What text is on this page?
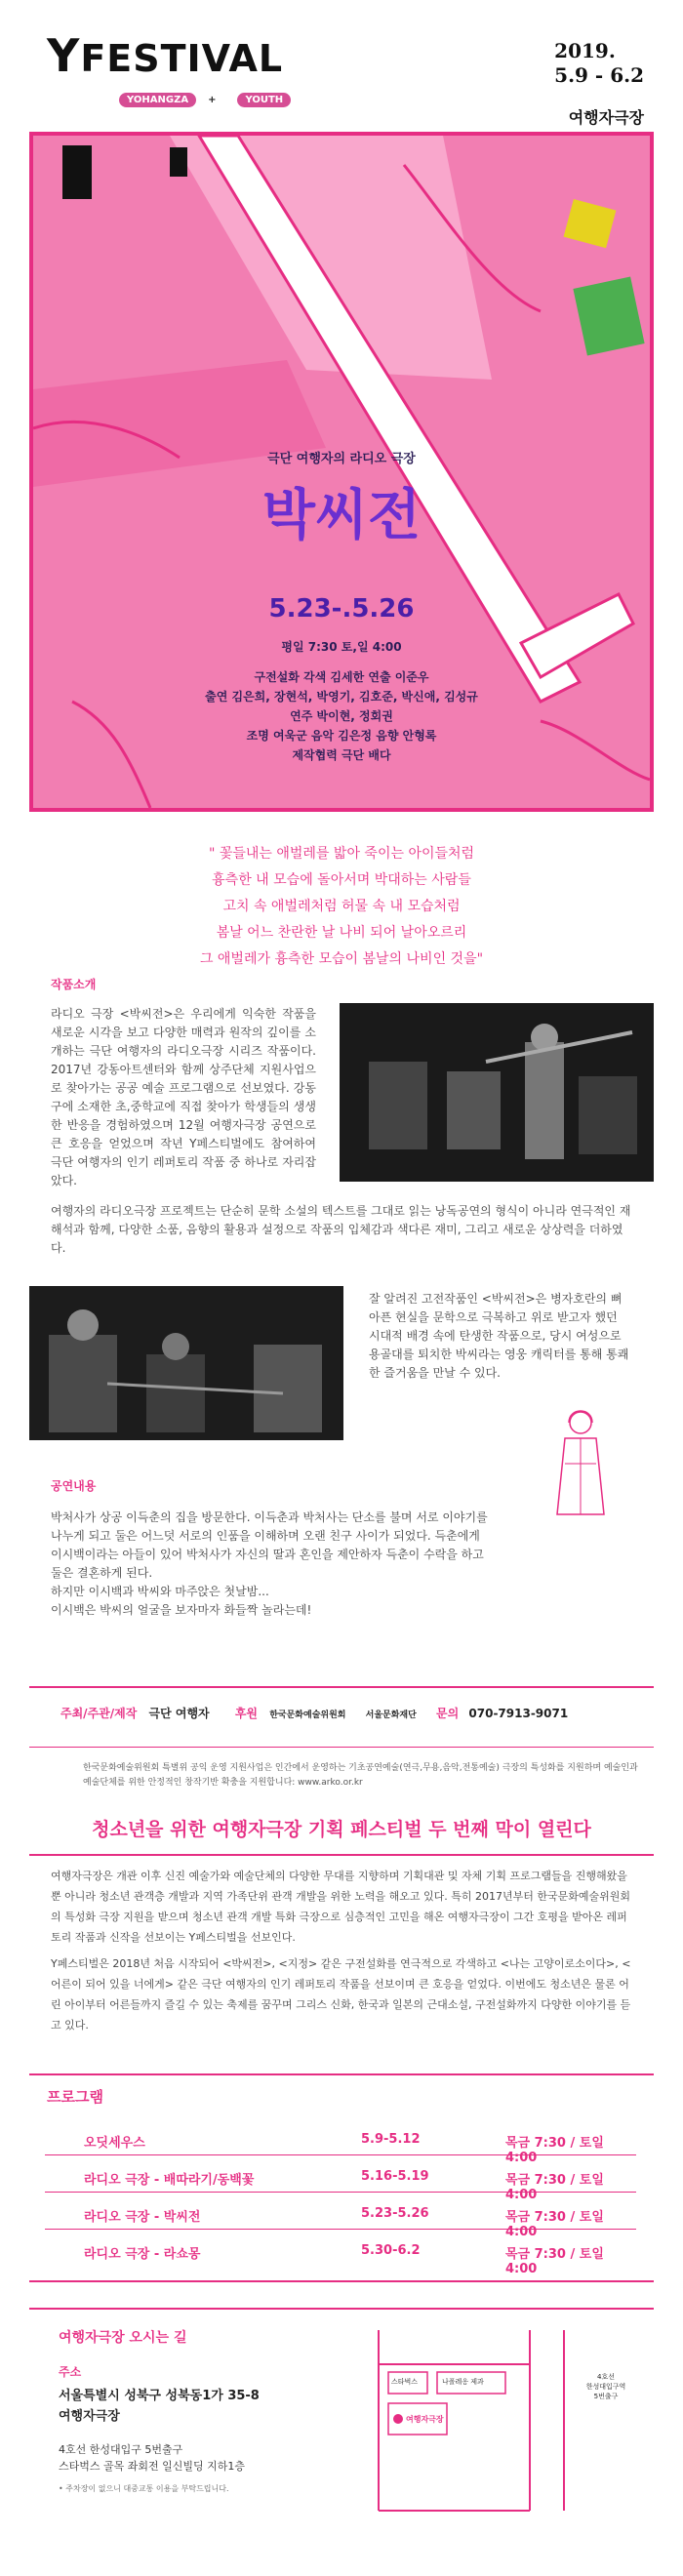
YFESTIVAL
YOHANGZA +	YOUTH
2019.
5.9 - 6.2
여행자극장
극단 여행자의 라디오 극장
박씨전
5.23-.5.26
평일 7:30 토,일 4:00
구전설화 각색 김세한 연출 이준우
출연 김은희, 장현석, 박영기, 김호준, 박신애, 김성규
연주 박이현, 정회권
조명 여욱군 음악 김은정 음향 안형록
제작협력 극단 배다
" 꽃들내는 애벌레를 밟아 죽이는 아이들처럼
흉측한 내 모습에 돌아서며 박대하는 사람들
고치 속 애벌레처럼 허물 속 내 모습처럼
봄날 어느 찬란한 날 나비 되어 날아오르리
그 애벌레가 흉측한 모습이 봄날의 나비인 것을"
작품소개
라디오 극장 <박씨전>은 우리에게 익숙한 작품을 새로운 시각을 보고 다양한 매력과 원작의 깊이를 소개하는 극단 여행자의 라디오극장 시리즈 작품이다. 2017년 강동아트센터와 함께 상주단체 지원사업으로 찾아가는 공공 예술 프로그램으로 선보였다. 강동구에 소재한 초,중학교에 직접 찾아가 학생들의 생생한 반응을 경험하였으며 12월 여행자극장 공연으로 큰 호응을 얻었으며 작년 Y페스티벌에도 참여하여 극단 여행자의 인기 레퍼토리 작품 중 하나로 자리잡았다.
여행자의 라디오극장 프로젝트는 단순히 문학 소설의 텍스트를 그대로 읽는 낭독공연의 형식이 아니라 연극적인 재해석과 함께, 다양한 소품, 음향의 활용과 설정으로 작품의 입체감과 색다른 재미, 그리고 새로운 상상력을 더하였다.
잘 알려진 고전작품인 <박씨전>은 병자호란의 뼈아픈 현실을 문학으로 극복하고 위로 받고자 했던 시대적 배경 속에 탄생한 작품으로, 당시 여성으로 용골대를 퇴치한 박씨라는 영웅 캐릭터를 통해 통쾌한 즐거움을 만날 수 있다.
공연내용
박처사가 상공 이득춘의 집을 방문한다. 이득춘과 박처사는 단소를 불며 서로 이야기를 나누게 되고 둘은 어느덧 서로의 인품을 이해하며 오랜 친구 사이가 되었다. 득춘에게 이시백이라는 아들이 있어 박처사가 자신의 딸과 혼인을 제안하자 득춘이 수락을 하고 둘은 결혼하게 된다.
하지만 이시백과 박씨와 마주앉은 첫날밤...
이시백은 박씨의 얼굴을 보자마자 화들짝 놀라는데!
주최/주관/제작 극단 여행자 후원 한국문화예술위원회 서울문화재단 문의 070-7913-9071
한국문화예술위원회 특별위 공익 운영 지원사업은 인간에서 운영하는 기초공연예술(연극,무용,음악,전통예술) 극장의 특성화를 지원하며 예술인과 예술단체를 위한 안정적인 창작기반 확충을 지원합니다: www.arko.or.kr
청소년을 위한 여행자극장 기획 페스티벌 두 번째 막이 열린다
여행자극장은 개관 이후 신진 예술가와 예술단체의 다양한 무대를 지향하며 기획대관 및 자체 기획 프로그램들을 진행해왔을 뿐 아니라 청소년 관객층 개발과 지역 가족단위 관객 개발을 위한 노력을 해오고 있다. 특히 2017년부터 한국문화예술위원회의 특성화 극장 지원을 받으며 청소년 관객 개발 특화 극장으로 심층적인 고민을 해온 여행자극장이 그간 호평을 받아온 레퍼토리 작품과 신작을 선보이는 Y페스티벌을 선보인다.
Y페스티벌은 2018년 처음 시작되어 <박씨전>, <지정> 같은 구전설화를 연극적으로 각색하고 <나는 고양이로소이다>, <어른이 되어 있을 너에게> 같은 극단 여행자의 인기 레퍼토리 작품을 선보이며 큰 호응을 얻었다. 이번에도 청소년은 물론 어린 아이부터 어른들까지 즐길 수 있는 축제를 꿈꾸며 그리스 신화, 한국과 일본의 근대소설, 구전설화까지 다양한 이야기를 듣고 있다.
프로그램
오딧세우스	5.9-5.12	목금 7:30 / 토일 4:00
라디오 극장 - 배따라기/동백꽃	5.16-5.19	목금 7:30 / 토일 4:00
라디오 극장 - 박씨전	5.23-5.26	목금 7:30 / 토일 4:00
라디오 극장 - 라쇼몽	5.30-6.2	목금 7:30 / 토일 4:00
여행자극장 오시는 길
주소
서울특별시 성북구 성북동1가 35-8
여행자극장
4호선 한성대입구 5번출구
스타벅스 골목 좌회전 일신빌딩 지하1층
• 주차장이 없으니 대중교통 이용을 부탁드립니다.
스타벅스	나폴레옹 제과
여행자극장
4호선
한성대입구역
5번출구
